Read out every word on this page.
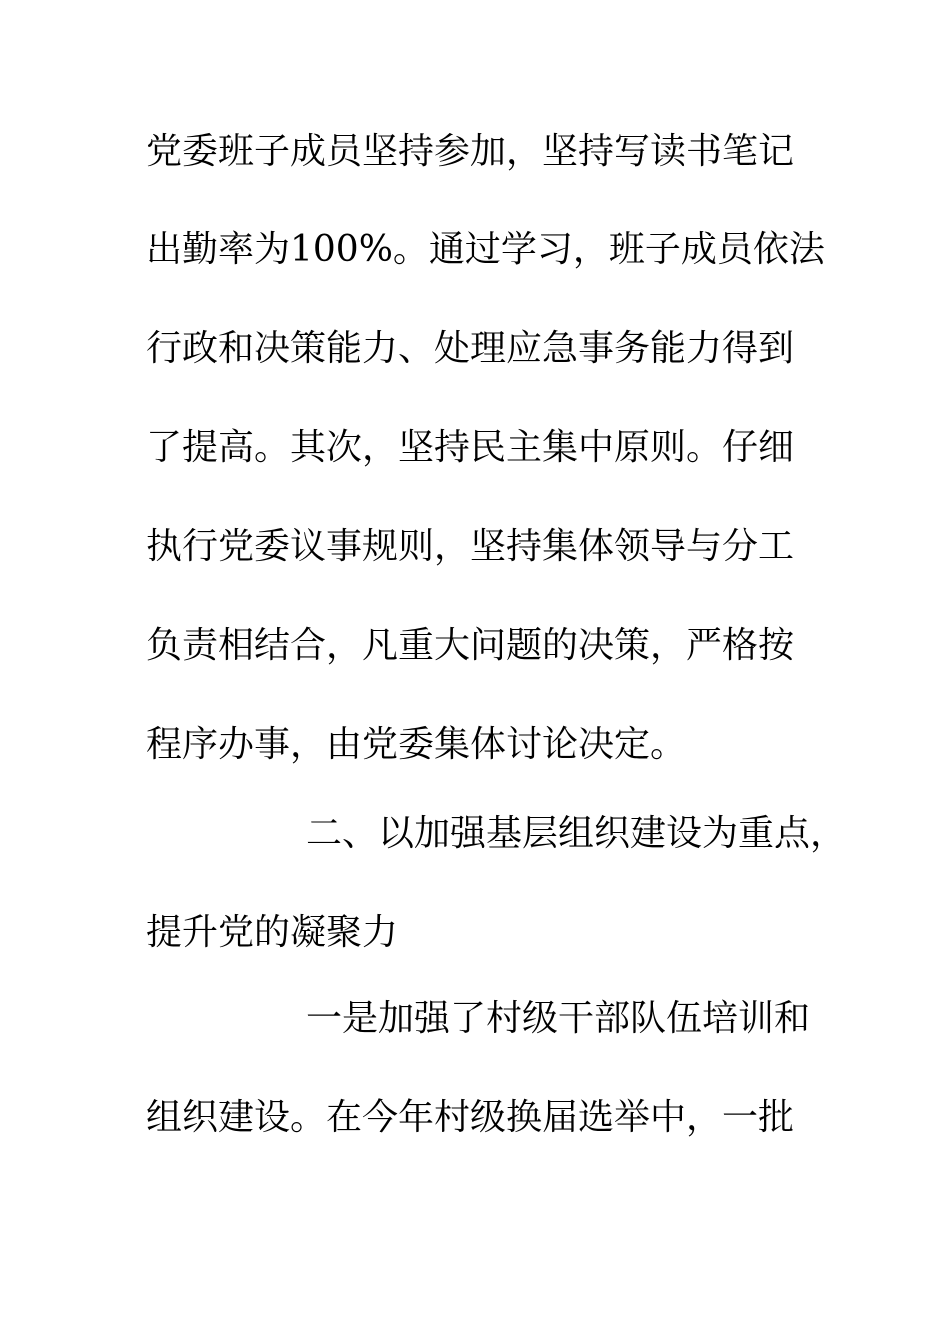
党委班子成员坚持参加，坚持写读书笔记
出勤率为100%。通过学习，班子成员依法
行政和决策能力、处理应急事务能力得到
了提高。其次，坚持民主集中原则。仔细
执行党委议事规则，坚持集体领导与分工
负责相结合，凡重大问题的决策，严格按
程序办事，由党委集体讨论决定。
二、以加强基层组织建设为重点，
提升党的凝聚力
一是加强了村级干部队伍培训和
组织建设。在今年村级换届选举中，一批
